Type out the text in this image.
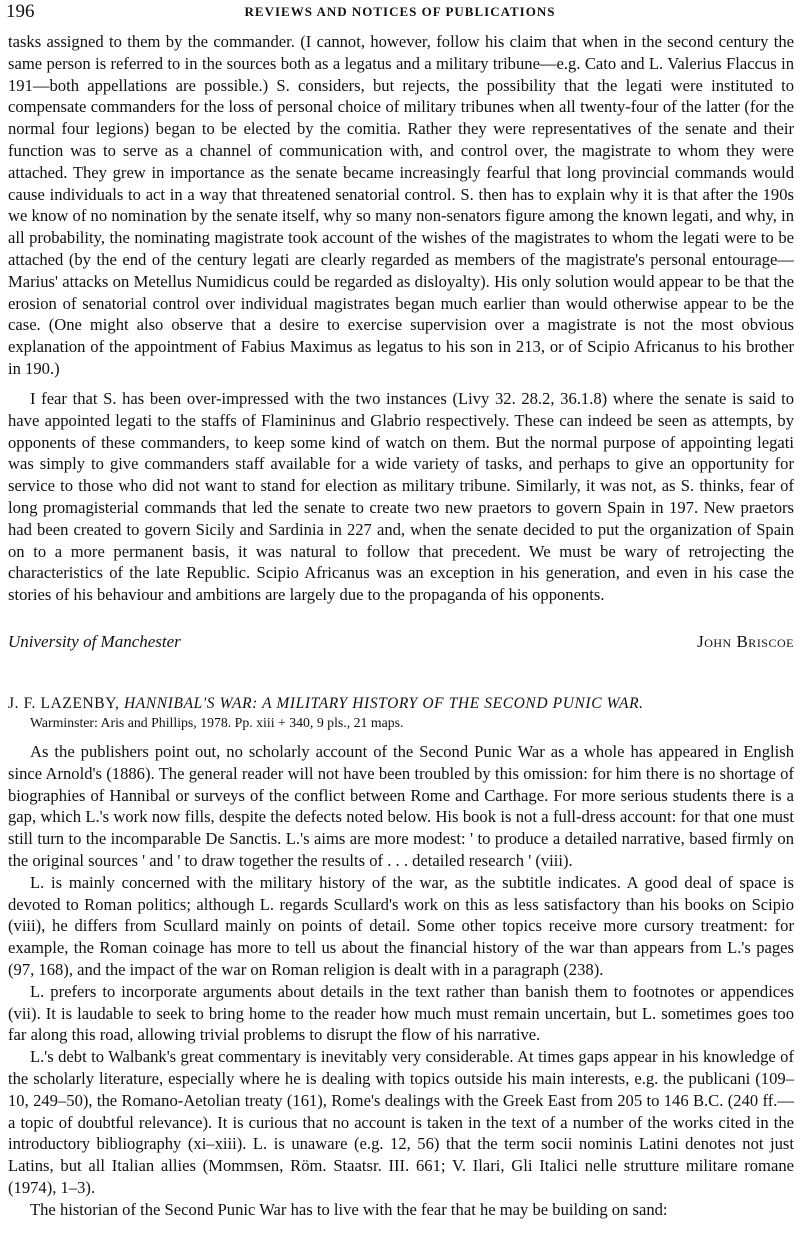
196	REVIEWS AND NOTICES OF PUBLICATIONS

tasks assigned to them by the commander. (I cannot, however, follow his claim that when in the second century the same person is referred to in the sources both as a legatus and a military tribune—e.g. Cato and L. Valerius Flaccus in 191—both appellations are possible.) S. considers, but rejects, the possibility that the legati were instituted to compensate commanders for the loss of personal choice of military tribunes when all twenty-four of the latter (for the normal four legions) began to be elected by the comitia. Rather they were representatives of the senate and their function was to serve as a channel of communication with, and control over, the magistrate to whom they were attached. They grew in importance as the senate became increasingly fearful that long provincial commands would cause individuals to act in a way that threatened senatorial control. S. then has to explain why it is that after the 190s we know of no nomination by the senate itself, why so many non-senators figure among the known legati, and why, in all probability, the nominating magistrate took account of the wishes of the magistrates to whom the legati were to be attached (by the end of the century legati are clearly regarded as members of the magistrate's personal entourage—Marius' attacks on Metellus Numidicus could be regarded as disloyalty). His only solution would appear to be that the erosion of senatorial control over individual magistrates began much earlier than would otherwise appear to be the case. (One might also observe that a desire to exercise supervision over a magistrate is not the most obvious explanation of the appointment of Fabius Maximus as legatus to his son in 213, or of Scipio Africanus to his brother in 190.)

I fear that S. has been over-impressed with the two instances (Livy 32. 28.2, 36.1.8) where the senate is said to have appointed legati to the staffs of Flamininus and Glabrio respectively. These can indeed be seen as attempts, by opponents of these commanders, to keep some kind of watch on them. But the normal purpose of appointing legati was simply to give commanders staff available for a wide variety of tasks, and perhaps to give an opportunity for service to those who did not want to stand for election as military tribune. Similarly, it was not, as S. thinks, fear of long promagisterial commands that led the senate to create two new praetors to govern Spain in 197. New praetors had been created to govern Sicily and Sardinia in 227 and, when the senate decided to put the organization of Spain on to a more permanent basis, it was natural to follow that precedent. We must be wary of retrojecting the characteristics of the late Republic. Scipio Africanus was an exception in his generation, and even in his case the stories of his behaviour and ambitions are largely due to the propaganda of his opponents.

University of Manchester	John Briscoe
J. F. LAZENBY, HANNIBAL'S WAR: A MILITARY HISTORY OF THE SECOND PUNIC WAR.
Warminster: Aris and Phillips, 1978. Pp. xiii + 340, 9 pls., 21 maps.

As the publishers point out, no scholarly account of the Second Punic War as a whole has appeared in English since Arnold's (1886). The general reader will not have been troubled by this omission: for him there is no shortage of biographies of Hannibal or surveys of the conflict between Rome and Carthage. For more serious students there is a gap, which L.'s work now fills, despite the defects noted below. His book is not a full-dress account: for that one must still turn to the incomparable De Sanctis. L.'s aims are more modest: ' to produce a detailed narrative, based firmly on the original sources ' and ' to draw together the results of . . . detailed research ' (viii).

L. is mainly concerned with the military history of the war, as the subtitle indicates. A good deal of space is devoted to Roman politics; although L. regards Scullard's work on this as less satisfactory than his books on Scipio (viii), he differs from Scullard mainly on points of detail. Some other topics receive more cursory treatment: for example, the Roman coinage has more to tell us about the financial history of the war than appears from L.'s pages (97, 168), and the impact of the war on Roman religion is dealt with in a paragraph (238).

L. prefers to incorporate arguments about details in the text rather than banish them to footnotes or appendices (vii). It is laudable to seek to bring home to the reader how much must remain uncertain, but L. sometimes goes too far along this road, allowing trivial problems to disrupt the flow of his narrative.

L.'s debt to Walbank's great commentary is inevitably very considerable. At times gaps appear in his knowledge of the scholarly literature, especially where he is dealing with topics outside his main interests, e.g. the publicani (109–10, 249–50), the Romano-Aetolian treaty (161), Rome's dealings with the Greek East from 205 to 146 B.C. (240 ff.—a topic of doubtful relevance). It is curious that no account is taken in the text of a number of the works cited in the introductory bibliography (xi–xiii). L. is unaware (e.g. 12, 56) that the term socii nominis Latini denotes not just Latins, but all Italian allies (Mommsen, Röm. Staatsr. III. 661; V. Ilari, Gli Italici nelle strutture militare romane (1974), 1–3).

The historian of the Second Punic War has to live with the fear that he may be building on sand:
